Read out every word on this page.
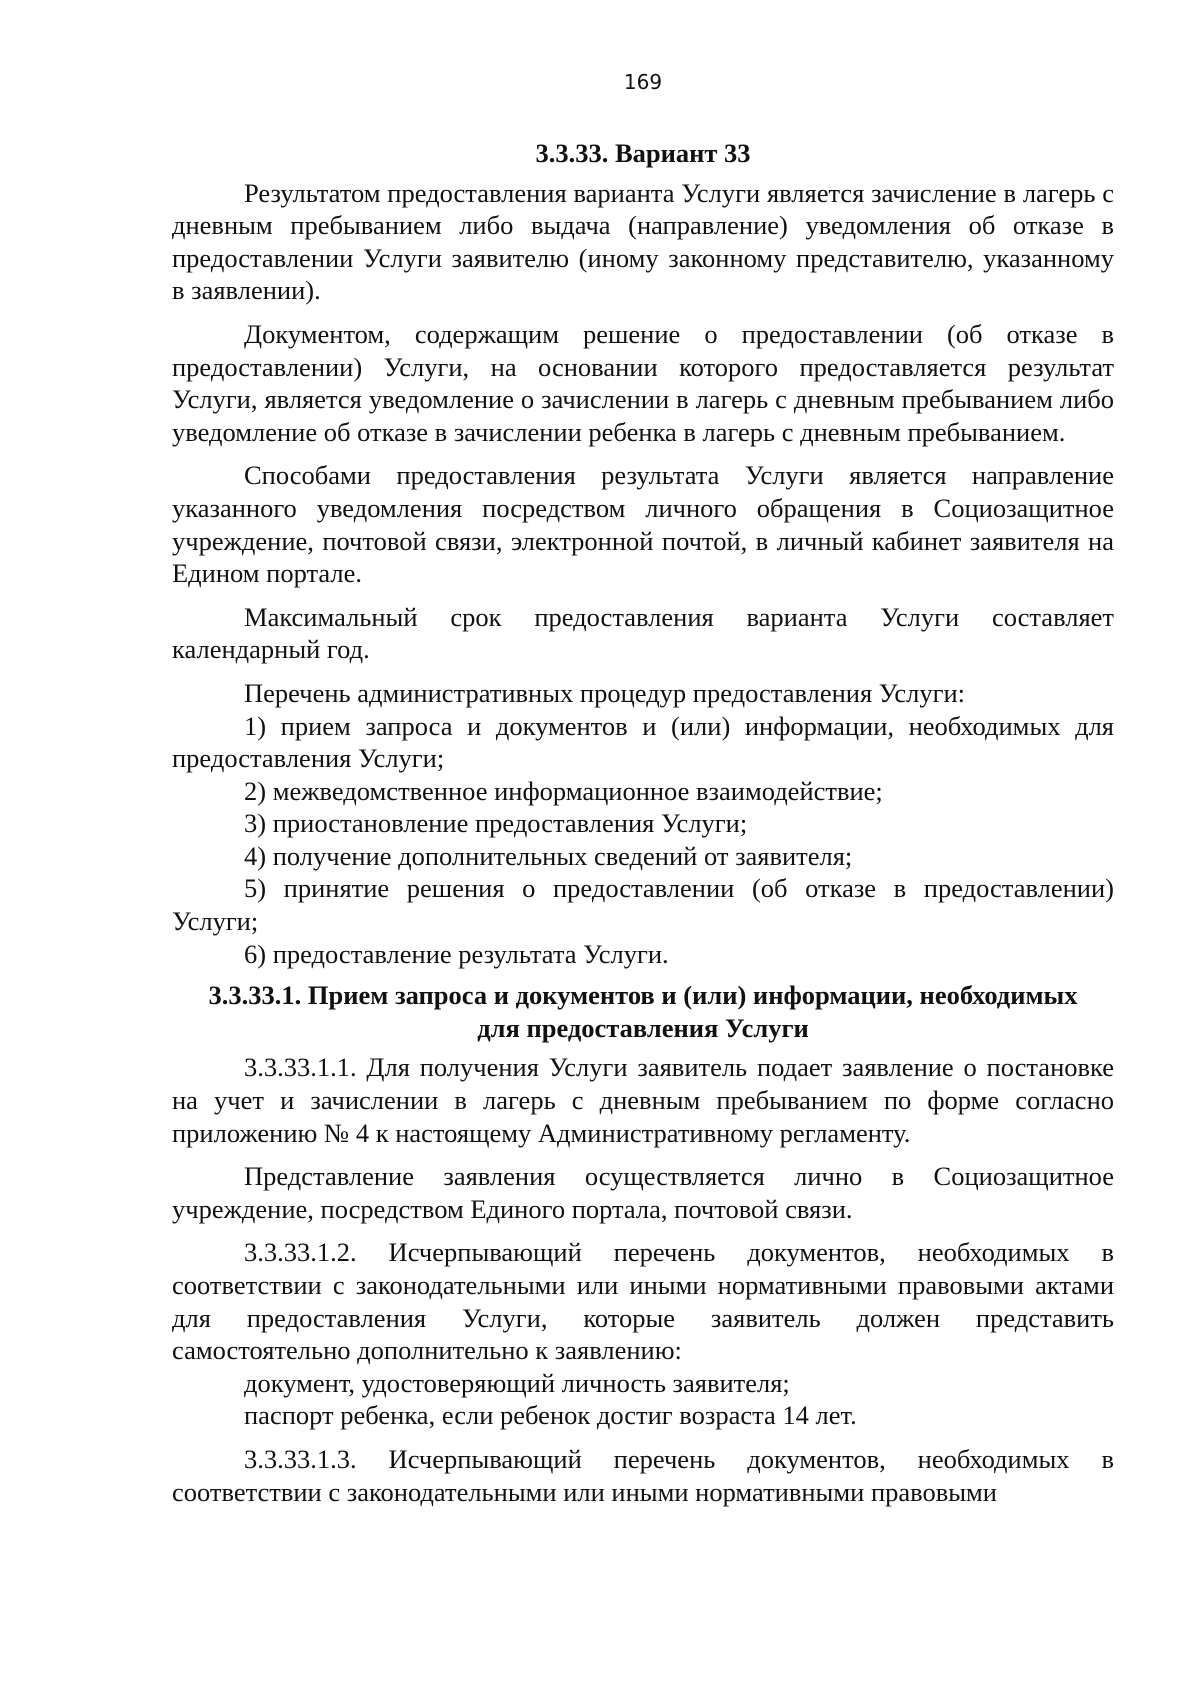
169
3.3.33. Вариант 33

Результатом предоставления варианта Услуги является зачисление в лагерь с дневным пребыванием либо выдача (направление) уведомления об отказе в предоставлении Услуги заявителю (иному законному представителю, указанному в заявлении).

Документом, содержащим решение о предоставлении (об отказе в предоставлении) Услуги, на основании которого предоставляется результат Услуги, является уведомление о зачислении в лагерь с дневным пребыванием либо уведомление об отказе в зачислении ребенка в лагерь с дневным пребыванием.

Способами предоставления результата Услуги является направление указанного уведомления посредством личного обращения в Социозащитное учреждение, почтовой связи, электронной почтой, в личный кабинет заявителя на Едином портале.

Максимальный срок предоставления варианта Услуги составляет календарный год.

Перечень административных процедур предоставления Услуги:

1) прием запроса и документов и (или) информации, необходимых для предоставления Услуги;

2) межведомственное информационное взаимодействие;

3) приостановление предоставления Услуги;

4) получение дополнительных сведений от заявителя;

5) принятие решения о предоставлении (об отказе в предоставлении) Услуги;

6) предоставление результата Услуги.

3.3.33.1. Прием запроса и документов и (или) информации, необходимых
для предоставления Услуги

3.3.33.1.1. Для получения Услуги заявитель подает заявление о постановке на учет и зачислении в лагерь с дневным пребыванием по форме согласно приложению № 4 к настоящему Административному регламенту.

Представление заявления осуществляется лично в Социозащитное учреждение, посредством Единого портала, почтовой связи.

3.3.33.1.2. Исчерпывающий перечень документов, необходимых в соответствии с законодательными или иными нормативными правовыми актами для предоставления Услуги, которые заявитель должен представить самостоятельно дополнительно к заявлению:

документ, удостоверяющий личность заявителя;

паспорт ребенка, если ребенок достиг возраста 14 лет.

3.3.33.1.3. Исчерпывающий перечень документов, необходимых в соответствии с законодательными или иными нормативными правовыми
